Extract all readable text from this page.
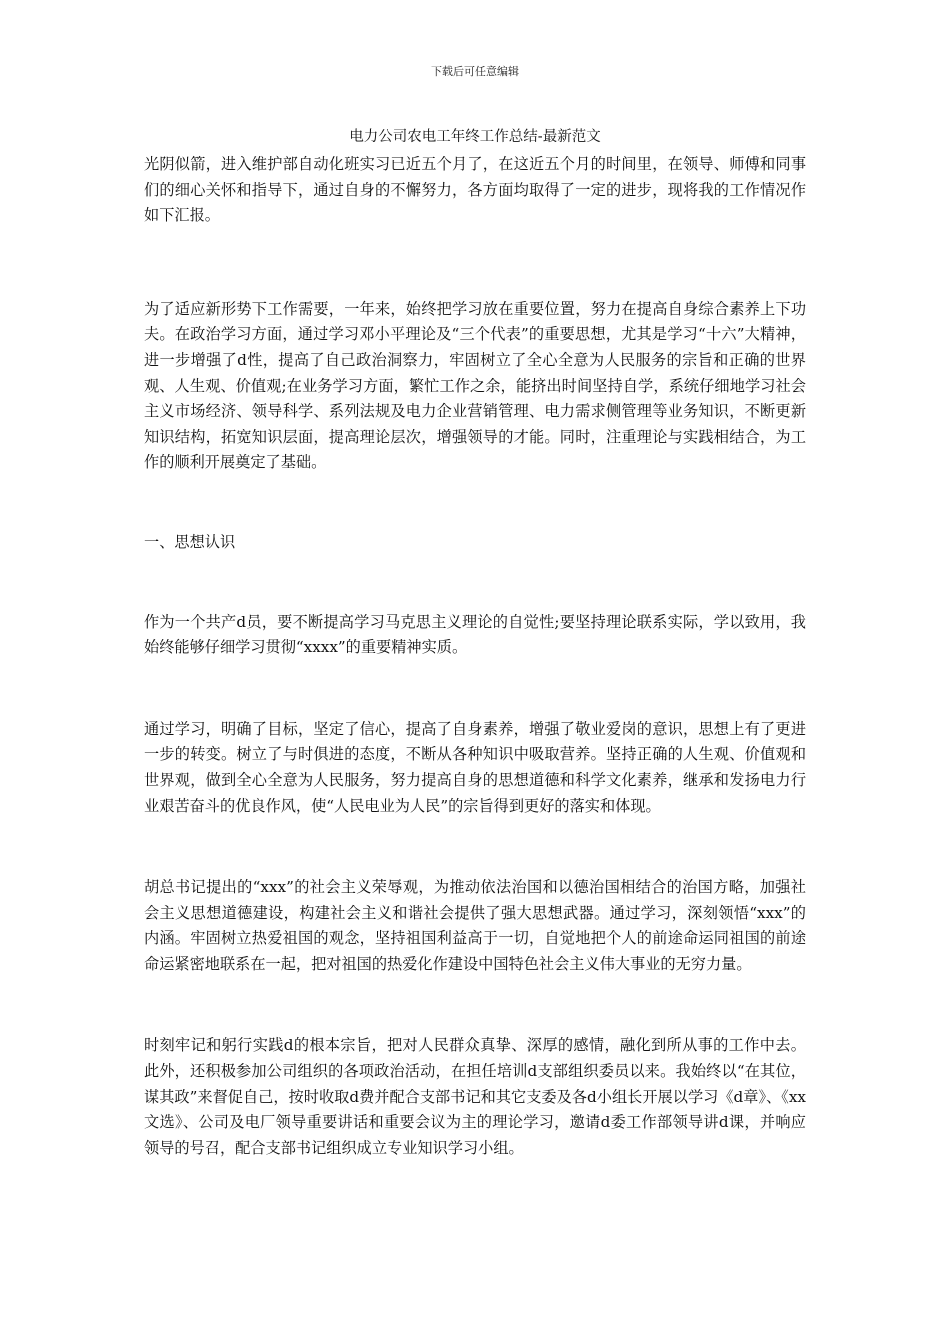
下载后可任意编辑
电力公司农电工年终工作总结-最新范文

光阴似箭，进入维护部自动化班实习已近五个月了，在这近五个月的时间里，在领导、师傅和同事们的细心关怀和指导下，通过自身的不懈努力，各方面均取得了一定的进步，现将我的工作情况作如下汇报。

为了适应新形势下工作需要，一年来，始终把学习放在重要位置，努力在提高自身综合素养上下功夫。在政治学习方面，通过学习邓小平理论及“三个代表”的重要思想，尤其是学习“十六”大精神，进一步增强了d性，提高了自己政治洞察力，牢固树立了全心全意为人民服务的宗旨和正确的世界观、人生观、价值观;在业务学习方面，繁忙工作之余，能挤出时间坚持自学，系统仔细地学习社会主义市场经济、领导科学、系列法规及电力企业营销管理、电力需求侧管理等业务知识，不断更新知识结构，拓宽知识层面，提高理论层次，增强领导的才能。同时，注重理论与实践相结合，为工作的顺利开展奠定了基础。

一、思想认识

作为一个共产d员，要不断提高学习马克思主义理论的自觉性;要坚持理论联系实际，学以致用，我始终能够仔细学习贯彻“xxxx”的重要精神实质。

通过学习，明确了目标，坚定了信心，提高了自身素养，增强了敬业爱岗的意识，思想上有了更进一步的转变。树立了与时俱进的态度，不断从各种知识中吸取营养。坚持正确的人生观、价值观和世界观，做到全心全意为人民服务，努力提高自身的思想道德和科学文化素养，继承和发扬电力行业艰苦奋斗的优良作风，使“人民电业为人民”的宗旨得到更好的落实和体现。

胡总书记提出的“xxx”的社会主义荣辱观，为推动依法治国和以德治国相结合的治国方略，加强社会主义思想道德建设，构建社会主义和谐社会提供了强大思想武器。通过学习，深刻领悟“xxx”的内涵。牢固树立热爱祖国的观念，坚持祖国利益高于一切，自觉地把个人的前途命运同祖国的前途命运紧密地联系在一起，把对祖国的热爱化作建设中国特色社会主义伟大事业的无穷力量。

时刻牢记和躬行实践d的根本宗旨，把对人民群众真挚、深厚的感情，融化到所从事的工作中去。此外，还积极参加公司组织的各项政治活动，在担任培训d支部组织委员以来。我始终以“在其位，谋其政”来督促自己，按时收取d费并配合支部书记和其它支委及各d小组长开展以学习《d章》、《xx文选》、公司及电厂领导重要讲话和重要会议为主的理论学习，邀请d委工作部领导讲d课，并响应领导的号召，配合支部书记组织成立专业知识学习小组。
